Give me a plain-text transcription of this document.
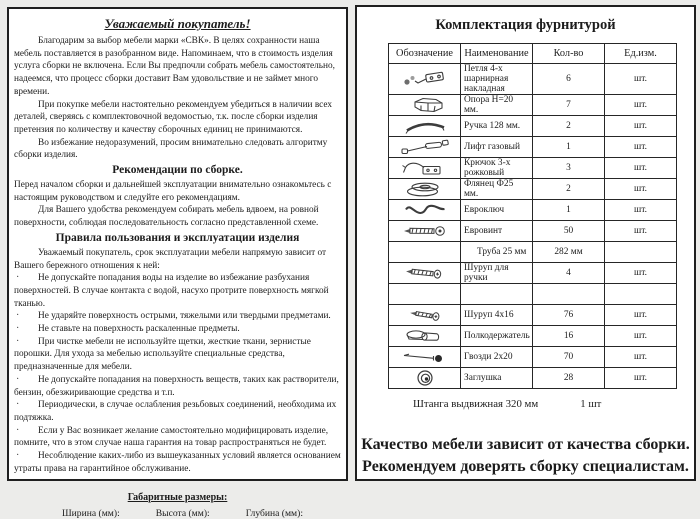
Уважаемый покупатель!
Благодарим за выбор мебели марки «СВК». В целях сохранности наша мебель поставляется в разобранном виде. Напоминаем, что в стоимость изделия услуга сборки не включена. Если Вы предпочли собрать мебель самостоятельно, надеемся, что процесс сборки доставит Вам удовольствие и не займет много времени.
При покупке мебели настоятельно рекомендуем убедиться в наличии всех деталей, сверяясь с комплектовочной ведомостью, т.к. после сборки изделия претензия по количеству и качеству сборочных единиц не принимаются.
Во избежание недоразумений, просим внимательно следовать алгоритму сборки изделия.
Рекомендации по сборке.
Перед началом сборки и дальнейшей эксплуатации внимательно ознакомьтесь с настоящим руководством и следуйте его рекомендациям.
Для Вашего удобства рекомендуем собирать мебель вдвоем, на ровной поверхности, соблюдая последовательность согласно представленной схеме.
Правила пользования и эксплуатации изделия
Уважаемый покупатель, срок эксплуатации мебели напрямую зависит от Вашего бережного отношения к ней:
· Не допускайте попадания воды на изделие во избежание разбухания поверхностей. В случае контакта с водой, насухо протрите поверхность мягкой тканью.
· Не ударяйте поверхность острыми, тяжелыми или твердыми предметами.
· Не ставьте на поверхность раскаленные предметы.
· При чистке мебели не используйте щетки, жесткие ткани, зернистые порошки. Для ухода за мебелью используйте специальные средства, предназначенные для мебели.
· Не допускайте попадания на поверхность веществ, таких как растворители, бензин, обезжиривающие средства и т.п.
· Периодически, в случае ослабления резьбовых соединений, необходима их подтяжка.
· Если у Вас возникает желание самостоятельно модифицировать изделие, помните, что в этом случае наша гарантия на товар распространяться не будет.
· Несоблюдение каких-либо из вышеуказанных условий является основанием утраты права на гарантийное обслуживание.
Габаритные размеры:
Ширина (мм):	Высота (мм):	Глубина (мм):
Комплектация фурнитурой
Обозначение	Наименование	Кол-во	Ед.изм.
	Петля 4-х шарнирная накладная	6	шт.
	Опора Н=20 мм.	7	шт.
	Ручка 128 мм.	2	шт.
	Лифт газовый	1	шт.
	Крючок 3-х рожковый	3	шт.
	Флянец Ф25 мм.	2	шт.
	Евроключ	1	шт.
	Евровинт	50	шт.
	Труба 25 мм	282 мм	
	Шуруп для ручки	4	шт.

	Шуруп 4х16	76	шт.
	Полкодержатель	16	шт.
	Гвозди 2х20	70	шт.
	Заглушка	28	шт.
Штанга выдвижная 320 мм	1 шт
Качество мебели зависит от качества сборки.
Рекомендуем доверять сборку специалистам.
